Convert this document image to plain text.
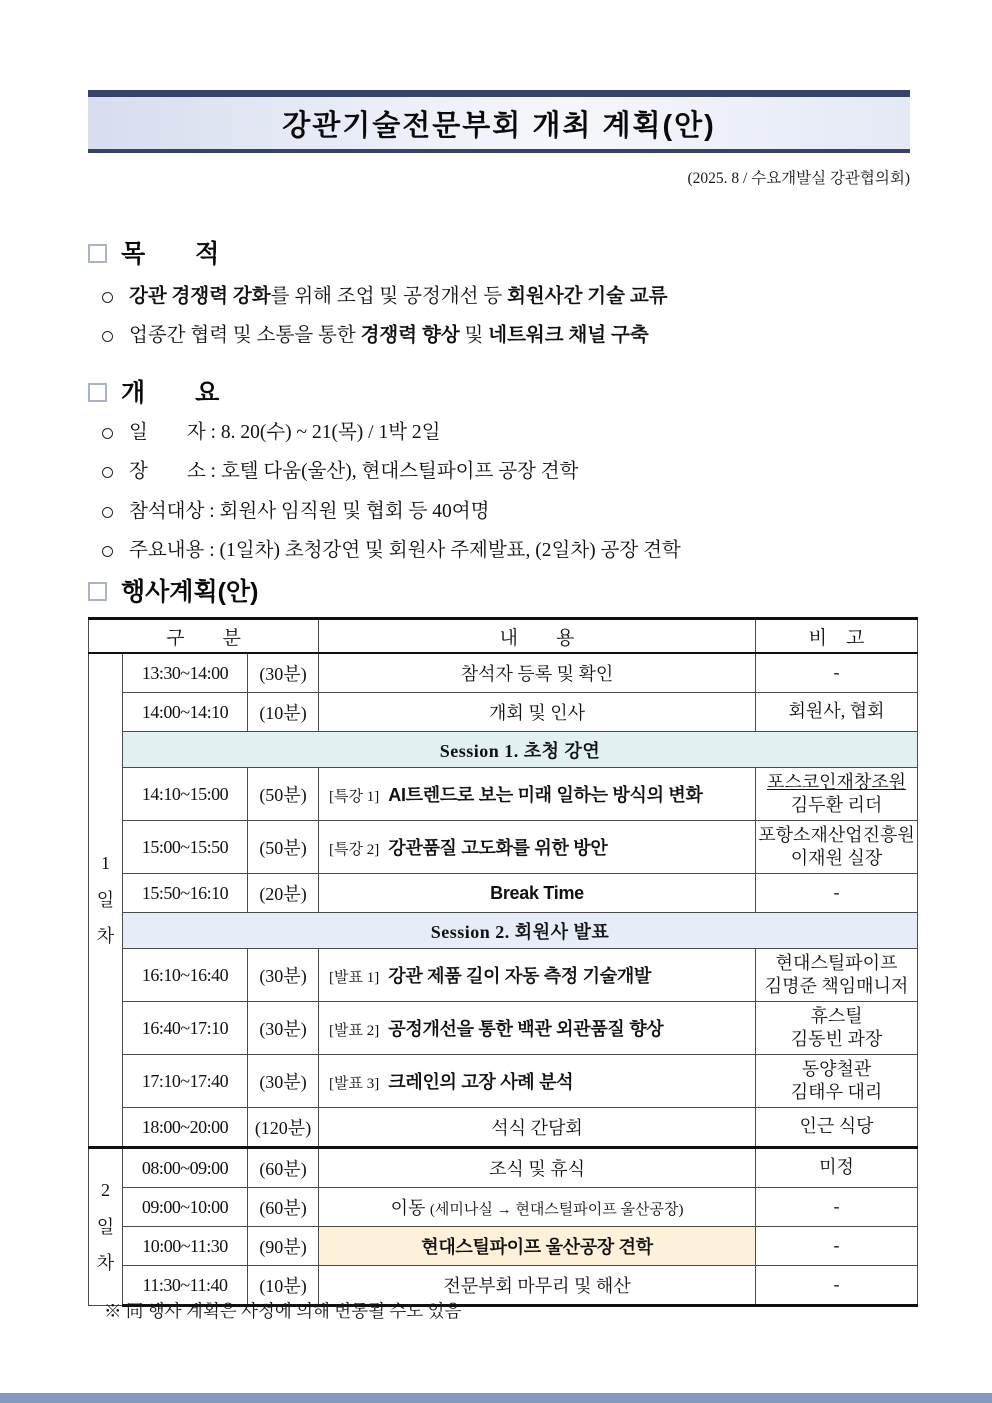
강관기술전문부회 개최 계획(안)
(2025. 8 / 수요개발실 강관협의회)
목　　적
강관 경쟁력 강화를 위해 조업 및 공정개선 등 회원사간 기술 교류
업종간 협력 및 소통을 통한 경쟁력 향상 및 네트워크 채널 구축
개　　요
일　　자 : 8. 20(수) ~ 21(목) / 1박 2일
장　　소 : 호텔 다움(울산), 현대스틸파이프 공장 견학
참석대상 : 회원사 임직원 및 협회 등 40여명
주요내용 : (1일차) 초청강연 및 회원사 주제발표, (2일차) 공장 견학
행사계획(안)
구　　분			내　　용	비　고

1
일
차	13:30~14:00	(30분)	참석자 등록 및 확인	-

	14:00~14:10	(10분)	개회 및 인사	회원사, 협회

	Session 1. 초청 강연			
	14:10~15:00	(50분)	[특강 1] AI트렌드로 보는 미래 일하는 방식의 변화	포스코인재창조원
김두환 리더

	15:00~15:50	(50분)	[특강 2] 강관품질 고도화를 위한 방안	포항소재산업진흥원
이재원 실장

	15:50~16:10	(20분)	Break Time	-

	Session 2. 회원사 발표			
	16:10~16:40	(30분)	[발표 1] 강관 제품 길이 자동 측정 기술개발	현대스틸파이프
김명준 책임매니저

	16:40~17:10	(30분)	[발표 2] 공정개선을 통한 백관 외관품질 향상	휴스틸
김동빈 과장

	17:10~17:40	(30분)	[발표 3] 크레인의 고장 사례 분석	동양철관
김태우 대리

	18:00~20:00	(120분)	석식 간담회	인근 식당

2
일
차	08:00~09:00	(60분)	조식 및 휴식	미정

	09:00~10:00	(60분)	이동 (세미나실 → 현대스틸파이프 울산공장)	-

	10:00~11:30	(90분)	현대스틸파이프 울산공장 견학	-

	11:30~11:40	(10분)	전문부회 마무리 및 해산	-
※ 同 행사 계획은 사정에 의해 변동될 수도 있음
